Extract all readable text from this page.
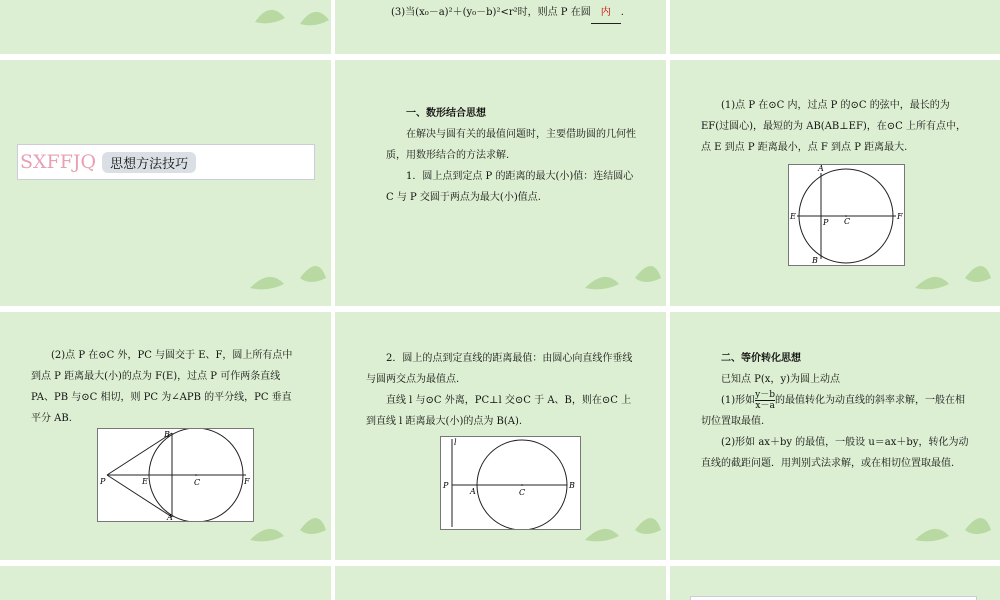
(3)当(x₀－a)²＋(y₀－b)²<r²时，则点 P 在圆 内 .
SXFFJQ	思想方法技巧
一、数形结合思想
在解决与圆有关的最值问题时，主要借助圆的几何性质，用数形结合的方法求解.
1．圆上点到定点 P 的距离的最大(小)值：连结圆心 C 与 P 交圆于两点为最大(小)值点.
(1)点 P 在⊙C 内，过点 P 的⊙C 的弦中，最长的为 EF(过圆心)，最短的为 AB(AB⊥EF)，在⊙C 上所有点中，点 E 到点 P 距离最小，点 F 到点 P 距离最大.
A
B
E	F
P C
(2)点 P 在⊙C 外，PC 与圆交于 E、F，圆上所有点中到点 P 距离最大(小)的点为 F(E)，过点 P 可作两条直线 PA、PB 与⊙C 相切，则 PC 为∠APB 的平分线，PC 垂直平分 AB.
B
A
P	E	F
C
2．圆上的点到定直线的距离最值：由圆心向直线作垂线与圆两交点为最值点.
直线 l 与⊙C 外离，PC⊥l 交⊙C 于 A、B，则在⊙C 上到直线 l 距离最大(小)的点为 B(A).
l
P
A	C
B
二、等价转化思想
已知点 P(x，y)为圆上动点
(1)形如 $\frac{y-b}{x-a}$ 的最值转化为动直线的斜率求解，一般在相切位置取最值.
(2)形如 ax＋by 的最值，一般设 u＝ax＋by，转化为动直线的截距问题．用判别式法求解，或在相切位置取最值.
